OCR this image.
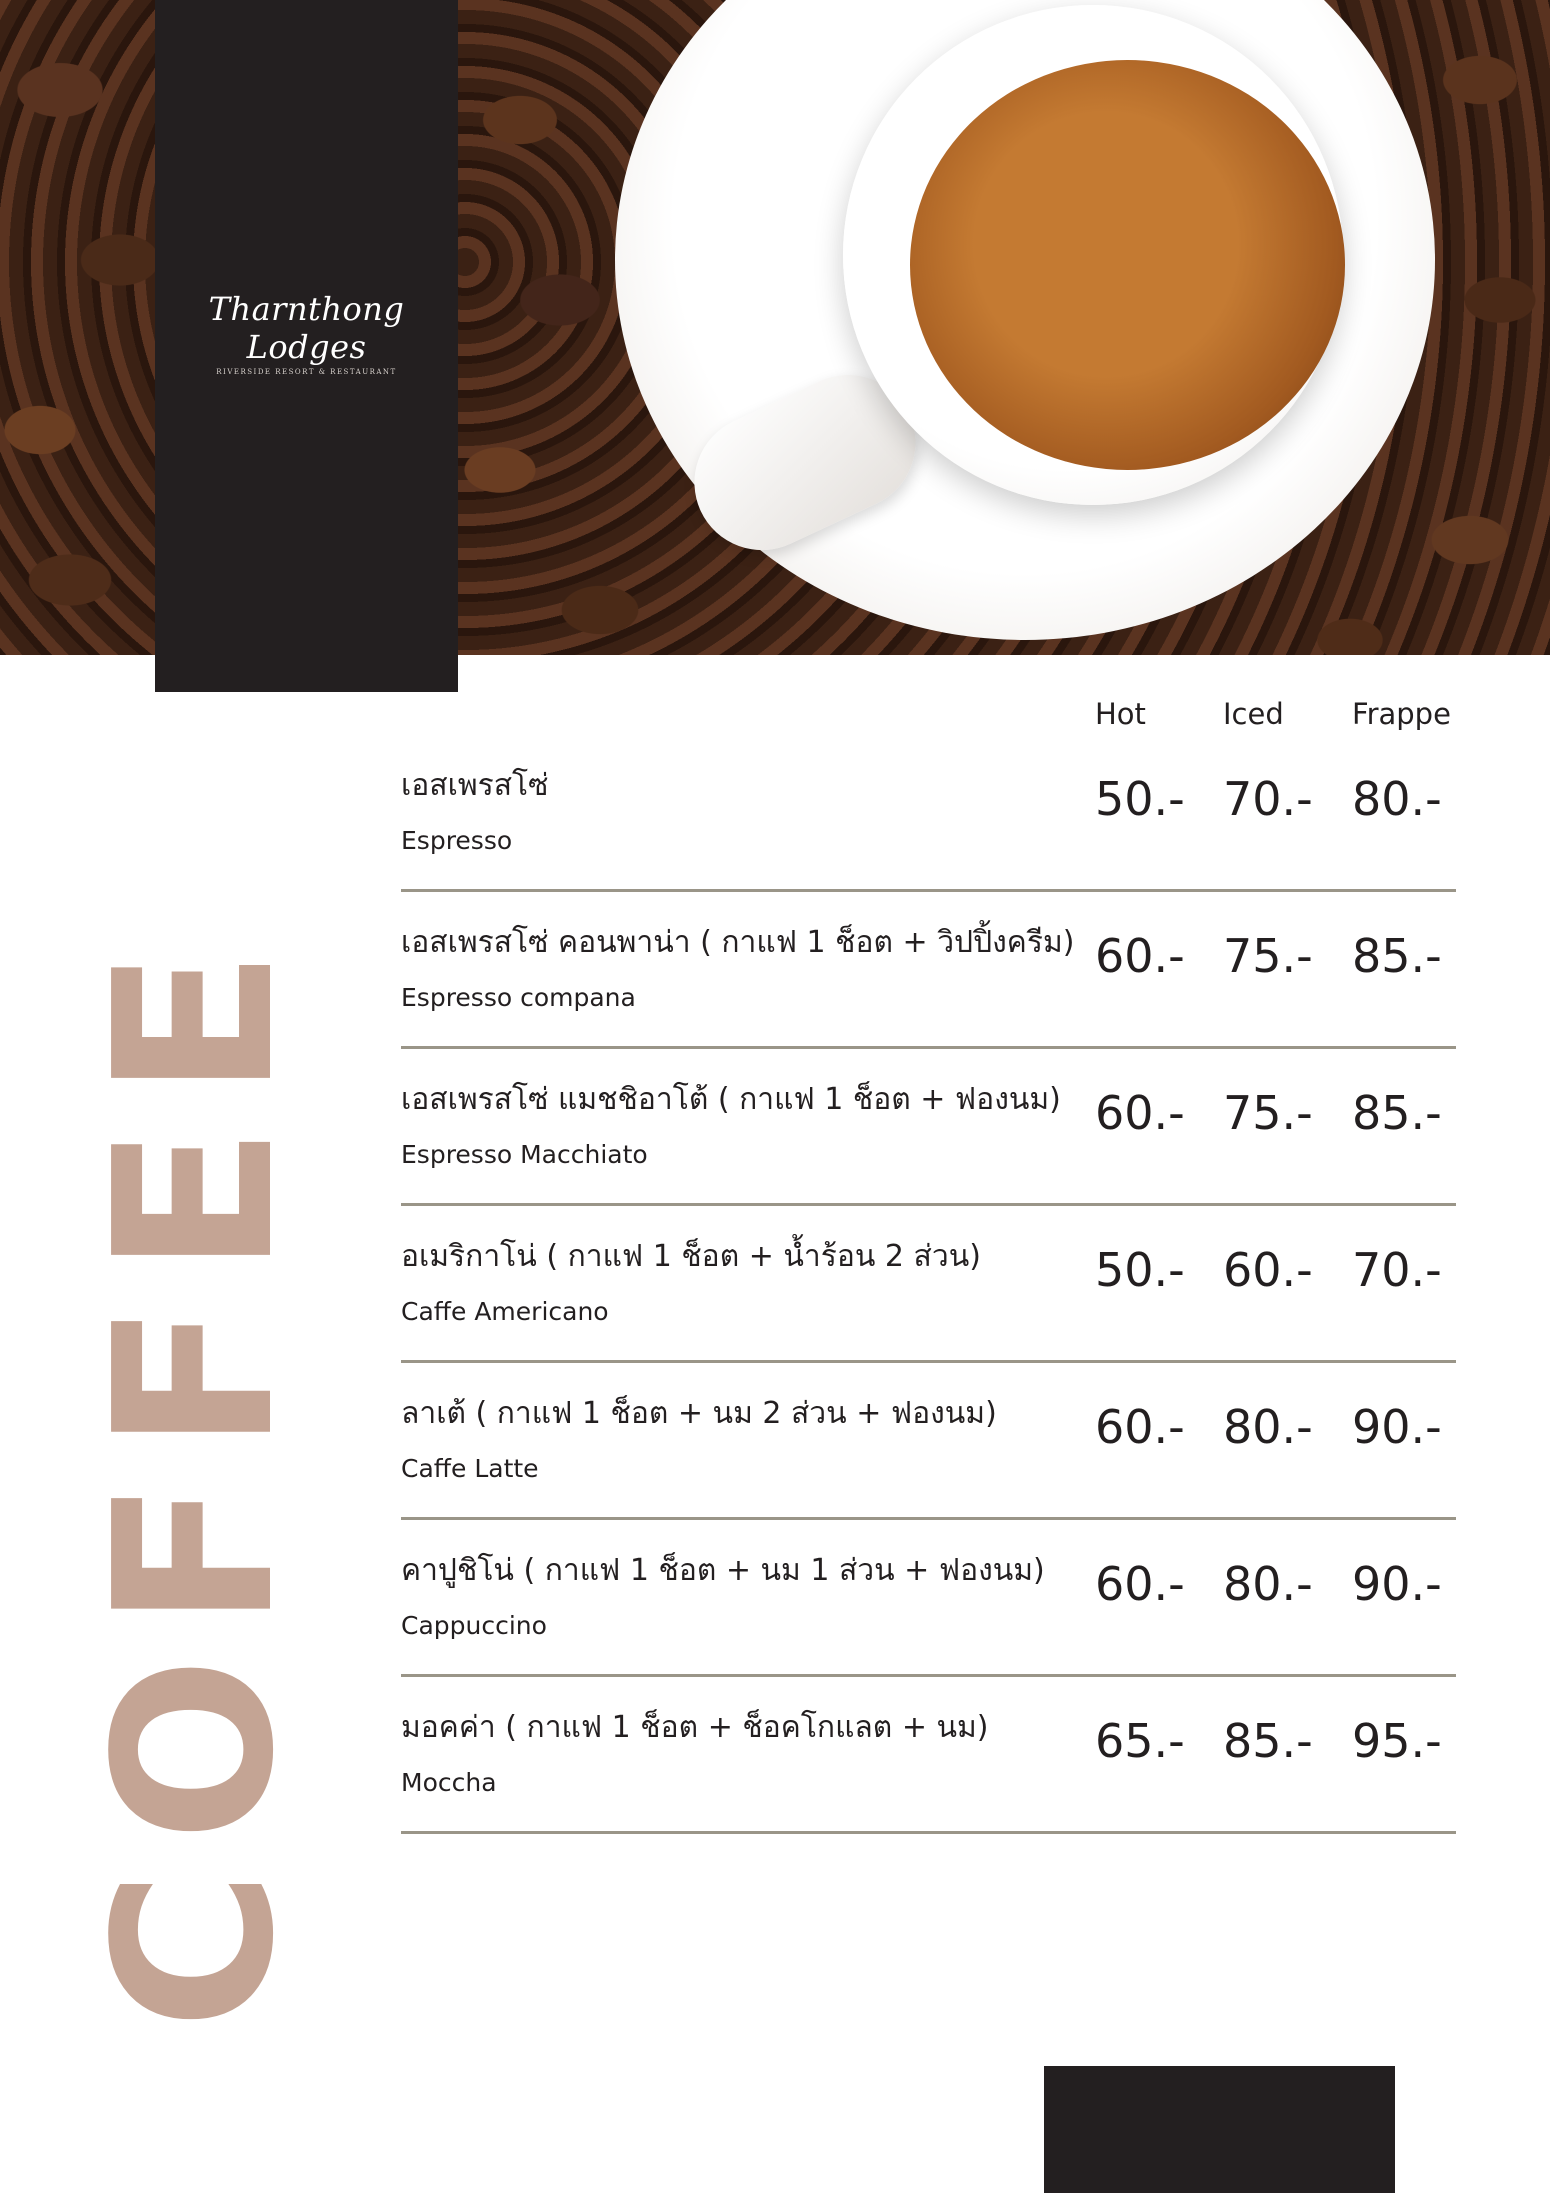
Tharnthong Lodges
RIVERSIDE RESORT & RESTAURANT
COFFEE
Hot	Iced Frappe
เอสเพรสโซ่
Espresso
50.- 70.- 80.-
เอสเพรสโซ่ คอนพาน่า ( กาแฟ 1 ช็อต + วิปปิ้งครีม)
Espresso compana
60.- 75.- 85.-
เอสเพรสโซ่ แมชชิอาโต้ ( กาแฟ 1 ช็อต + ฟองนม)
Espresso Macchiato
60.- 75.- 85.-
อเมริกาโน่ ( กาแฟ 1 ช็อต + น้ำร้อน 2 ส่วน)
Caffe Americano
50.- 60.- 70.-
ลาเต้ ( กาแฟ 1 ช็อต + นม 2 ส่วน + ฟองนม)
Caffe Latte
60.- 80.- 90.-
คาปูชิโน่ ( กาแฟ 1 ช็อต + นม 1 ส่วน + ฟองนม)
Cappuccino
60.- 80.- 90.-
มอคค่า ( กาแฟ 1 ช็อต + ช็อคโกแลต + นม)
Moccha
65.- 85.- 95.-
